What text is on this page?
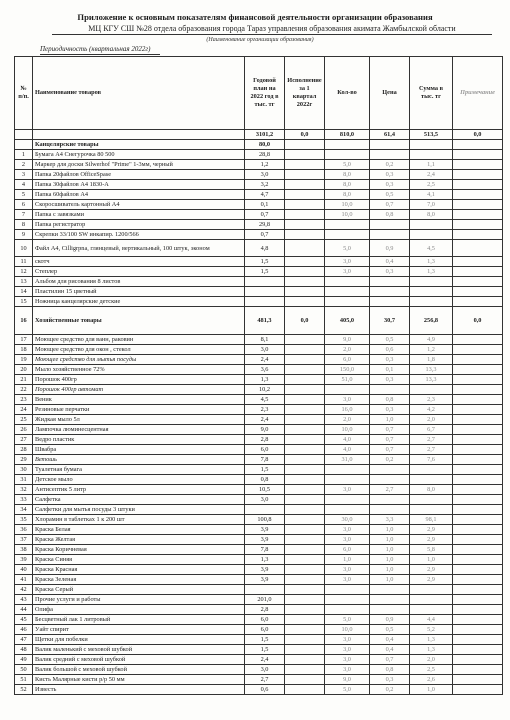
Приложение к основным показателям финансовой деятельности организации образования
МЦ КГУ СШ №28 отдела образования города Тараз управления образования акимата Жамбылской области
(Наименование организации образования)
Периодичность (квартальная 2022г)
№ п/п.	Наименование товаров	Годовой план на 2022 год в тыс. тг	Исполнение за 1 квартал 2022г	Кол-во	Цена	Сумма в тыс. тг	Примечание
		3101,2	0,0	810,0	61,4	513,5	0,0
	Канцелярские товары	80,0					
1	Бумага А4 Снегурочка 80 500	28,8					
2	Маркер для доски Silwerhof "Prime" 1-3мм, черный	1,2		5,0	0,2	1,1	
3	Папка 20файлов OfficeSpase	3,0		8,0	0,3	2,4	
4	Папка 30файлов А4 1830-А	3,2		8,0	0,3	2,5	
5	Папка 60файлов А4	4,7		8,0	0,5	4,1	
6	Скоросшиватель картонный А4	0,1		10,0	0,7	7,0	
7	Папка с завязками	0,7		10,0	0,8	8,0	
8	Папка регистратор	29,8					
9	Скрепки 33/100 SW инкапир. 1200/566	0,7					
10	Файл А4, Cilligrpna, глянцевый, вертикальный, 100 штук, эконом	4,8		5,0	0,9	4,5	
11	скотч	1,5		3,0	0,4	1,3	
12	Степлер	1,5		3,0	0,3	1,3	
13	Альбом для рисования 8 листов						
14	Пластилин 15 цветный						
15	Ножница канцелярские детские						
16	Хозяйственные товары	481,3	0,0	405,0	30,7	256,8	0,0
17	Моющее средство для ванн, раковин	8,1		9,0	0,5	4,9	
18	Моющее средство для окон , стекол	3,0		2,0	0,6	1,2	
19	Моющее средство для мытья посуды	2,4		6,0	0,3	1,8	
20	Мыло хозяйственное 72%	3,6		150,0	0,1	13,3	
21	Порошок 400гр	1,3		51,0	0,3	13,3	
22	Порошок 400гр автомат	10,2					
23	Веник	4,5		3,0	0,8	2,3	
24	Резиновые перчатки	2,3		16,0	0,3	4,2	
25	Жидкая мыло 5л	2,4		2,0	1,0	2,0	
26	Лампочка люминесцентная	9,0		10,0	0,7	6,7	
27	Ведро пластик	2,8		4,0	0,7	2,7	
28	Швабра	6,0		4,0	0,7	2,7	
29	Ветошь	7,8		31,0	0,2	7,6	
30	Туалетная бумага	1,5					
31	Детское мыло	0,8					
32	Антисептик 5 литр	10,5		3,0	2,7	8,0	
33	Салфетка	3,0					
34	Салфетки для мытья посуды 3 штуки						
35	Хлорамин в таблетках 1 к 200 шт	100,8		30,0	3,3	98,1	
36	Краска Белая	3,9		3,0	1,0	2,9	
37	Краска Желтая	3,9		3,0	1,0	2,9	
38	Краска Коричневая	7,8		6,0	1,0	5,8	
39	Краска Синяя	1,3		1,0	1,0	1,0	
40	Краска Красная	3,9		3,0	1,0	2,9	
41	Краска Зеленая	3,9		3,0	1,0	2,9	
42	Краска Серый						
43	Прочие услуги и работы	201,0					
44	Олифа	2,8					
45	Бесцветный лак 1 литровый	6,0		5,0	0,9	4,4	
46	Уайт спирит	6,0		10,0	0,5	5,2	
47	Щетки для побелки	1,5		3,0	0,4	1,3	
48	Валик маленький с меховой шубкой	1,5		3,0	0,4	1,3	
49	Валик средний с меховой шубкой	2,4		3,0	0,7	2,0	
50	Валик большой с меховой шубкой	3,0		3,0	0,8	2,5	
51	Кисть Малярные кисти р/р 50 мм	2,7		9,0	0,3	2,6	
52	Известь	0,6		5,0	0,2	1,0	
